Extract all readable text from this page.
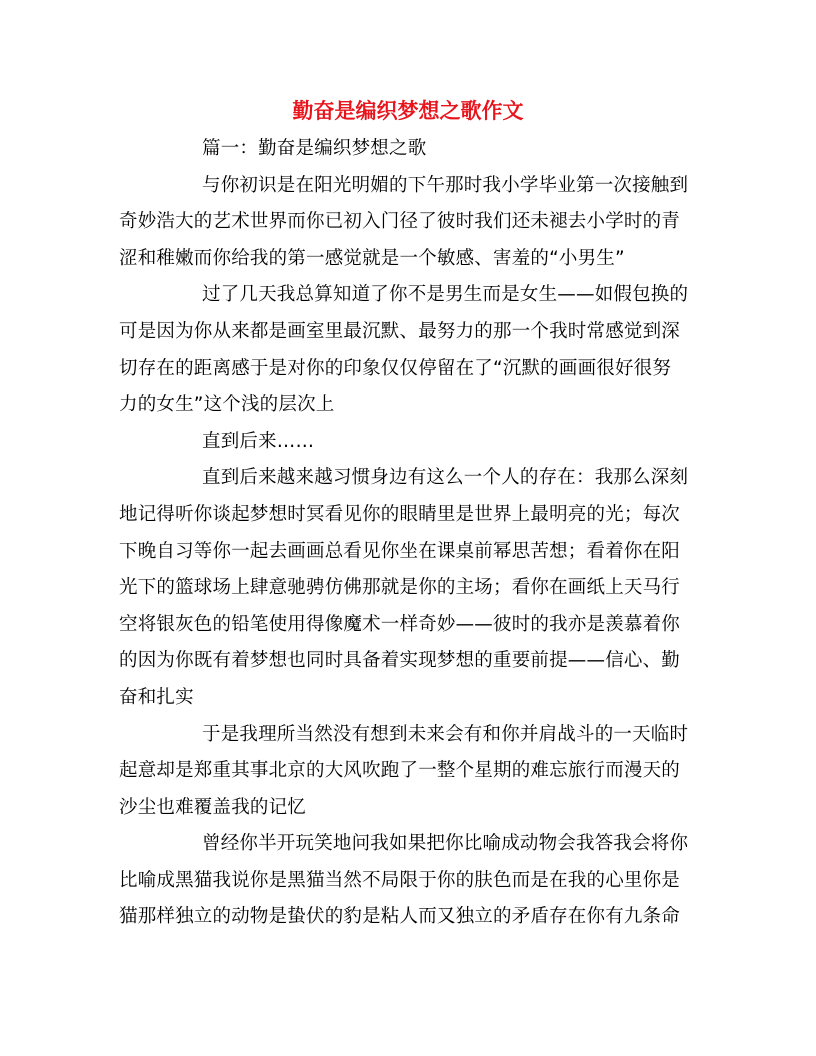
勤奋是编织梦想之歌作文
篇一：勤奋是编织梦想之歌
与你初识是在阳光明媚的下午那时我小学毕业第一次接触到
奇妙浩大的艺术世界而你已初入门径了彼时我们还未褪去小学时的青
涩和稚嫩而你给我的第一感觉就是一个敏感、害羞的“小男生”
过了几天我总算知道了你不是男生而是女生——如假包换的
可是因为你从来都是画室里最沉默、最努力的那一个我时常感觉到深
切存在的距离感于是对你的印象仅仅停留在了“沉默的画画很好很努
力的女生”这个浅的层次上
直到后来……
直到后来越来越习惯身边有这么一个人的存在：我那么深刻
地记得听你谈起梦想时冥看见你的眼睛里是世界上最明亮的光；每次
下晚自习等你一起去画画总看见你坐在课桌前幂思苦想；看着你在阳
光下的篮球场上肆意驰骋仿佛那就是你的主场；看你在画纸上天马行
空将银灰色的铅笔使用得像魔术一样奇妙——彼时的我亦是羡慕着你
的因为你既有着梦想也同时具备着实现梦想的重要前提——信心、勤
奋和扎实
于是我理所当然没有想到未来会有和你并肩战斗的一天临时
起意却是郑重其事北京的大风吹跑了一整个星期的难忘旅行而漫天的
沙尘也难覆盖我的记忆
曾经你半开玩笑地问我如果把你比喻成动物会我答我会将你
比喻成黑猫我说你是黑猫当然不局限于你的肤色而是在我的心里你是
猫那样独立的动物是蛰伏的豹是粘人而又独立的矛盾存在你有九条命
